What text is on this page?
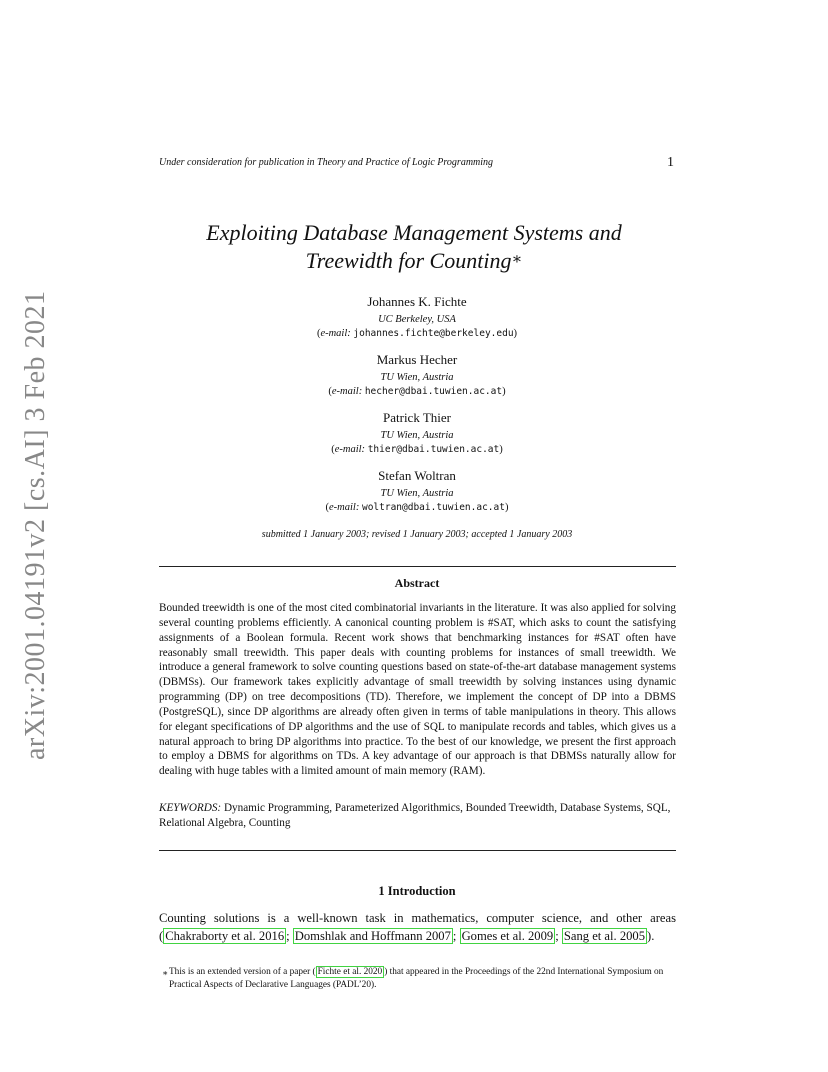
arXiv:2001.04191v2 [cs.AI] 3 Feb 2021
Under consideration for publication in Theory and Practice of Logic Programming	1
Exploiting Database Management Systems and
Treewidth for Counting∗
Johannes K. Fichte
UC Berkeley, USA
(e-mail: johannes.fichte@berkeley.edu)
Markus Hecher
TU Wien, Austria
(e-mail: hecher@dbai.tuwien.ac.at)
Patrick Thier
TU Wien, Austria
(e-mail: thier@dbai.tuwien.ac.at)
Stefan Woltran
TU Wien, Austria
(e-mail: woltran@dbai.tuwien.ac.at)
submitted 1 January 2003; revised 1 January 2003; accepted 1 January 2003
Abstract
Bounded treewidth is one of the most cited combinatorial invariants in the literature. It was also applied for solving several counting problems efficiently. A canonical counting problem is #SAT, which asks to count the satisfying assignments of a Boolean formula. Recent work shows that benchmarking instances for #SAT often have reasonably small treewidth. This paper deals with counting problems for instances of small treewidth. We introduce a general framework to solve counting questions based on state-of-the-art database management systems (DBMSs). Our framework takes explicitly advantage of small treewidth by solving instances using dynamic programming (DP) on tree decompositions (TD). Therefore, we implement the concept of DP into a DBMS (PostgreSQL), since DP algorithms are already often given in terms of table manipulations in theory. This allows for elegant specifications of DP algorithms and the use of SQL to manipulate records and tables, which gives us a natural approach to bring DP algorithms into practice. To the best of our knowledge, we present the first approach to employ a DBMS for algorithms on TDs. A key advantage of our approach is that DBMSs naturally allow for dealing with huge tables with a limited amount of main memory (RAM).
KEYWORDS: Dynamic Programming, Parameterized Algorithmics, Bounded Treewidth, Database Systems, SQL, Relational Algebra, Counting
1 Introduction
Counting solutions is a well-known task in mathematics, computer science, and other areas ( Chakraborty et al. 2016 ; Domshlak and Hoffmann 2007 ; Gomes et al. 2009 ; Sang et al. 2005 ).
∗ This is an extended version of a paper ( Fichte et al. 2020 ) that appeared in the Proceedings of the 22nd International Symposium on Practical Aspects of Declarative Languages (PADL’20).
